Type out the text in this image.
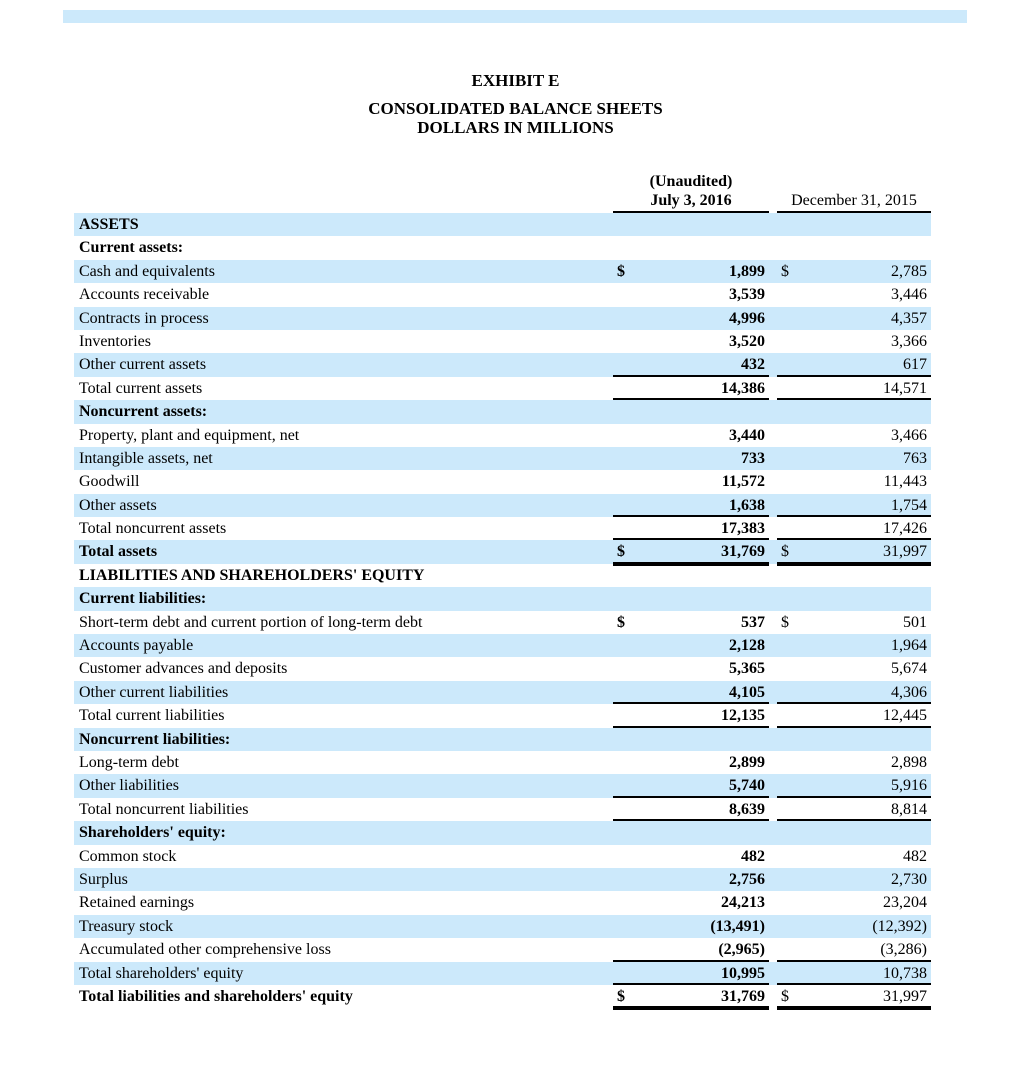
EXHIBIT E
CONSOLIDATED BALANCE SHEETS
DOLLARS IN MILLIONS
(Unaudited)
July 3, 2016	December 31, 2015
ASSETS
Current assets:
Cash and equivalents	$	1,899 $	2,785
Accounts receivable	3,539	3,446
Contracts in process	4,996	4,357
Inventories	3,520	3,366
Other current assets	432	617
Total current assets	14,386	14,571
Noncurrent assets:
Property, plant and equipment, net	3,440	3,466
Intangible assets, net	733	763
Goodwill	11,572	11,443
Other assets	1,638	1,754
Total noncurrent assets	17,383	17,426
Total assets	$	31,769 $	31,997
LIABILITIES AND SHAREHOLDERS' EQUITY
Current liabilities:
Short-term debt and current portion of long-term debt	$	537 $	501
Accounts payable	2,128	1,964
Customer advances and deposits	5,365	5,674
Other current liabilities	4,105	4,306
Total current liabilities	12,135	12,445
Noncurrent liabilities:
Long-term debt	2,899	2,898
Other liabilities	5,740	5,916
Total noncurrent liabilities	8,639	8,814
Shareholders' equity:
Common stock	482	482
Surplus	2,756	2,730
Retained earnings	24,213	23,204
Treasury stock	(13,491)	(12,392)
Accumulated other comprehensive loss	(2,965)	(3,286)
Total shareholders' equity	10,995	10,738
Total liabilities and shareholders' equity	$	31,769 $	31,997
